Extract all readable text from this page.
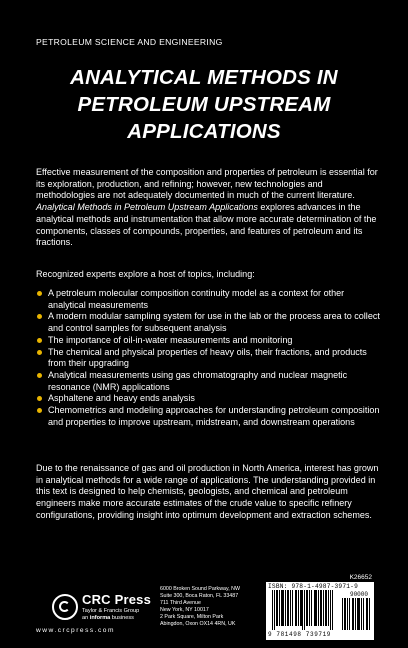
PETROLEUM SCIENCE AND ENGINEERING
ANALYTICAL METHODS IN
PETROLEUM UPSTREAM
APPLICATIONS
Effective measurement of the composition and properties of petroleum is essential for its exploration, production, and refining; however, new technologies and methodologies are not adequately documented in much of the current literature. Analytical Methods in Petroleum Upstream Applications explores advances in the analytical methods and instrumentation that allow more accurate determination of the components, classes of compounds, properties, and features of petroleum and its fractions.
Recognized experts explore a host of topics, including:
A petroleum molecular composition continuity model as a context for other analytical measurements
A modern modular sampling system for use in the lab or the process area to collect and control samples for subsequent analysis
The importance of oil-in-water measurements and monitoring
The chemical and physical properties of heavy oils, their fractions, and products from their upgrading
Analytical measurements using gas chromatography and nuclear magnetic resonance (NMR) applications
Asphaltene and heavy ends analysis
Chemometrics and modeling approaches for understanding petroleum composition and properties to improve upstream, midstream, and downstream operations
Due to the renaissance of gas and oil production in North America, interest has grown in analytical methods for a wide range of applications. The understanding provided in this text is designed to help chemists, geologists, and chemical and petroleum engineers make more accurate estimates of the crude value to specific refinery configurations, providing insight into optimum development and extraction schemes.
K26652
CRC Press
Taylor & Francis Group
an informa business
www.crcpress.com
6000 Broken Sound Parkway, NW
Suite 300, Boca Raton, FL 33487
711 Third Avenue
New York, NY 10017
2 Park Square, Milton Park
Abingdon, Oxon OX14 4RN, UK
ISBN: 978-1-4987-3971-9
90000
9 781498 739719
